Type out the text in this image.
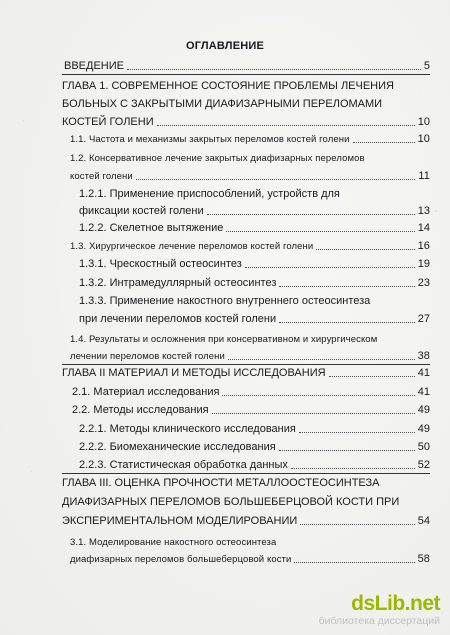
ОГЛАВЛЕНИЕ
ВВЕДЕНИЕ	5
ГЛАВА 1. СОВРЕМЕННОЕ СОСТОЯНИЕ ПРОБЛЕМЫ ЛЕЧЕНИЯ
БОЛЬНЫХ С ЗАКРЫТЫМИ ДИАФИЗАРНЫМИ ПЕРЕЛОМАМИ
КОСТЕЙ ГОЛЕНИ	10
1.1. Частота и механизмы закрытых переломов костей голени	10
1.2. Консервативное лечение закрытых диафизарных переломов
костей голени	11
1.2.1. Применение приспособлений, устройств для
фиксации костей голени	13
1.2.2. Скелетное вытяжение	14
1.3. Хирургическое лечение переломов костей голени	16
1.3.1. Чрескостный остеосинтез	19
1.3.2. Интрамедуллярный остеосинтез	23
1.3.3. Применение накостного внутреннего остеосинтеза
при лечении переломов костей голени	27
1.4. Результаты и осложнения при консервативном и хирургическом
лечении переломов костей голени	38
ГЛАВА II МАТЕРИАЛ И МЕТОДЫ ИССЛЕДОВАНИЯ	41
2.1. Материал исследования	41
2.2. Методы исследования	49
2.2.1. Методы клинического исследования	49
2.2.2. Биомеханические исследования	50
2.2.3. Статистическая обработка данных	52
ГЛАВА III. ОЦЕНКА ПРОЧНОСТИ МЕТАЛЛООСТЕОСИНТЕЗА
ДИАФИЗАРНЫХ ПЕРЕЛОМОВ БОЛЬШЕБЕРЦОВОЙ КОСТИ ПРИ
ЭКСПЕРИМЕНТАЛЬНОМ МОДЕЛИРОВАНИИ	54
3.1. Моделирование накостного остеосинтеза
диафизарных переломов большеберцовой кости	58
dsLib.net
библиотека диссертаций
